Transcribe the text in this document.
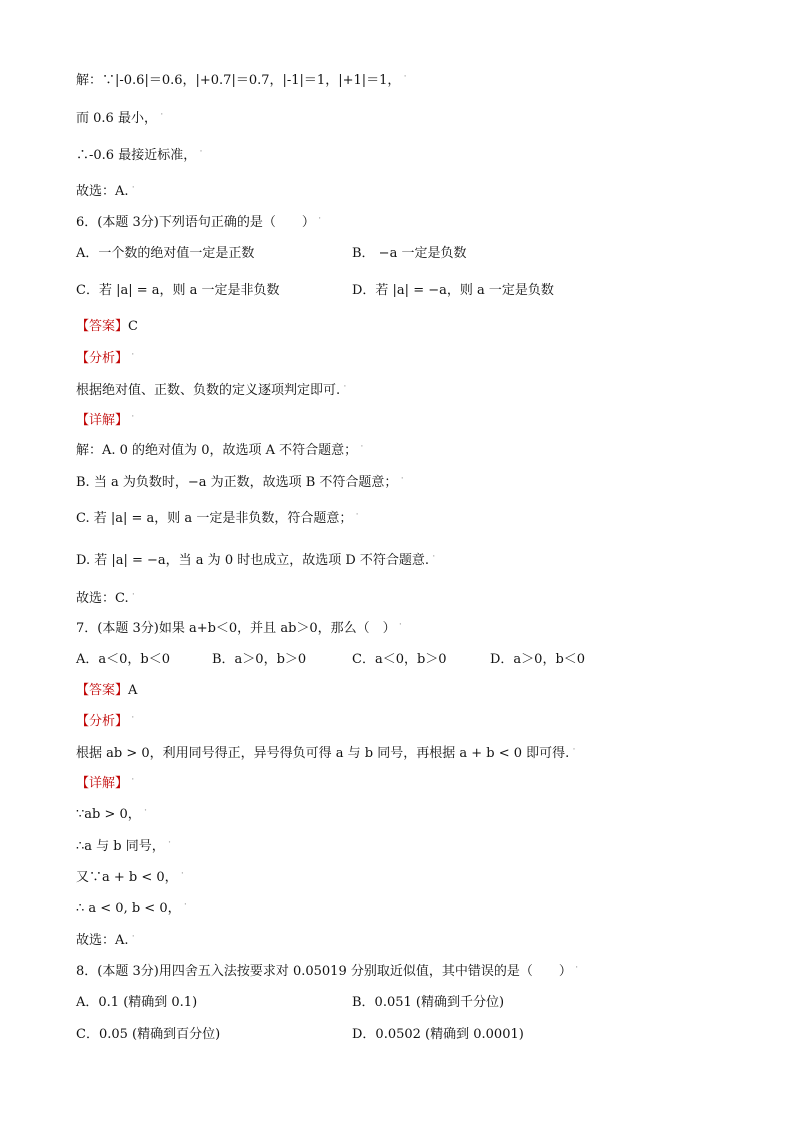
解：∵|-0.6|＝0.6，|+0.7|＝0.7，|-1|＝1，|+1|＝1， ˙
而 0.6 最小， ˙
∴-0.6 最接近标准， ˙
故选：A. ˙
6．(本题 3分)下列语句正确的是（　　） ˙
A．一个数的绝对值一定是正数	B． −a 一定是负数
C．若 |a| = a，则 a 一定是非负数	D．若 |a| = −a，则 a 一定是负数
【答案】C
【分析】 ˙
根据绝对值、正数、负数的定义逐项判定即可. ˙
【详解】 ˙
解：A. 0 的绝对值为 0，故选项 A 不符合题意； ˙
B. 当 a 为负数时，−a 为正数，故选项 B 不符合题意； ˙
C. 若 |a| = a，则 a 一定是非负数，符合题意； ˙
D. 若 |a| = −a，当 a 为 0 时也成立，故选项 D 不符合题意. ˙
故选：C. ˙
7．(本题 3分)如果 a+b＜0，并且 ab＞0，那么（　） ˙
A．a＜0，b＜0	B．a＞0，b＞0	C．a＜0，b＞0	D．a＞0，b＜0
【答案】A
【分析】 ˙
根据 ab > 0，利用同号得正，异号得负可得 a 与 b 同号，再根据 a + b < 0 即可得. ˙
【详解】 ˙
∵ab > 0， ˙
∴a 与 b 同号， ˙
又∵a + b < 0， ˙
∴ a < 0, b < 0， ˙
故选：A. ˙
8．(本题 3分)用四舍五入法按要求对 0.05019 分别取近似值，其中错误的是（　　） ˙
A．0.1 (精确到 0.1)	B．0.051 (精确到千分位)
C．0.05 (精确到百分位)	D．0.0502 (精确到 0.0001)
